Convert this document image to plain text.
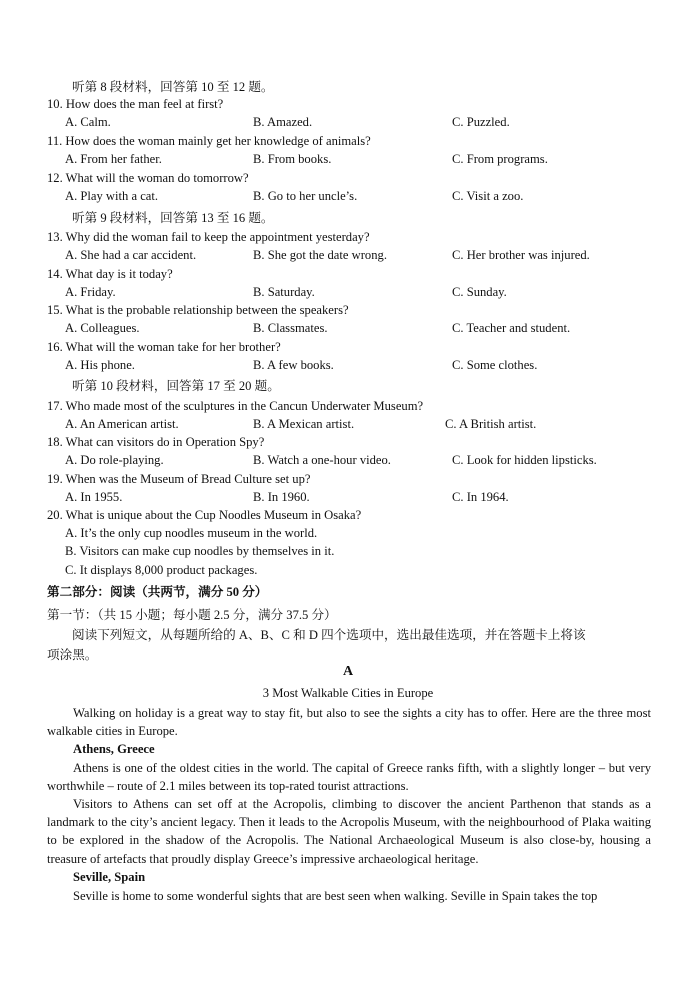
听第 8 段材料，回答第 10 至 12 题。
10. How does the man feel at first?
A. Calm.	B. Amazed.	C. Puzzled.
11. How does the woman mainly get her knowledge of animals?
A. From her father.	B. From books.	C. From programs.
12. What will the woman do tomorrow?
A. Play with a cat.	B. Go to her uncle’s.	C. Visit a zoo.
13. Why did the woman fail to keep the appointment yesterday?
A. She had a car accident.	B. She got the date wrong.	C. Her brother was injured.
14. What day is it today?
A. Friday.	B. Saturday.	C. Sunday.
15. What is the probable relationship between the speakers?
A. Colleagues.	B. Classmates.	C. Teacher and student.
16. What will the woman take for her brother?
A. His phone.	B. A few books.	C. Some clothes.
17. Who made most of the sculptures in the Cancun Underwater Museum?
A. An American artist.	B. A Mexican artist.	C. A British artist.
18. What can visitors do in Operation Spy?
A. Do role-playing.	B. Watch a one-hour video.	C. Look for hidden lipsticks.
19. When was the Museum of Bread Culture set up?
A. In 1955.	B. In 1960.	C. In 1964.
听第 9 段材料，回答第 13 至 16 题。
听第 10 段材料，回答第 17 至 20 题。
20. What is unique about the Cup Noodles Museum in Osaka?
A. It’s the only cup noodles museum in the world.
B. Visitors can make cup noodles by themselves in it.
C. It displays 8,000 product packages.
第二部分：阅读（共两节，满分 50 分）
第一节：（共 15 小题；每小题 2.5 分，满分 37.5 分）
阅读下列短文，从每题所给的 A、B、C 和 D 四个选项中，选出最佳选项，并在答题卡上将该
项涂黑。
A
3 Most Walkable Cities in Europe
Walking on holiday is a great way to stay fit, but also to see the sights a city has to offer. Here are the three most walkable cities in Europe.
Athens, Greece
Athens is one of the oldest cities in the world. The capital of Greece ranks fifth, with a slightly longer – but very worthwhile – route of 2.1 miles between its top-rated tourist attractions.
Visitors to Athens can set off at the Acropolis, climbing to discover the ancient Parthenon that stands as a landmark to the city’s ancient legacy. Then it leads to the Acropolis Museum, with the neighbourhood of Plaka waiting to be explored in the shadow of the Acropolis. The National Archaeological Museum is also close-by, housing a treasure of artefacts that proudly display Greece’s impressive archaeological heritage.
Seville, Spain
Seville is home to some wonderful sights that are best seen when walking. Seville in Spain takes the top
